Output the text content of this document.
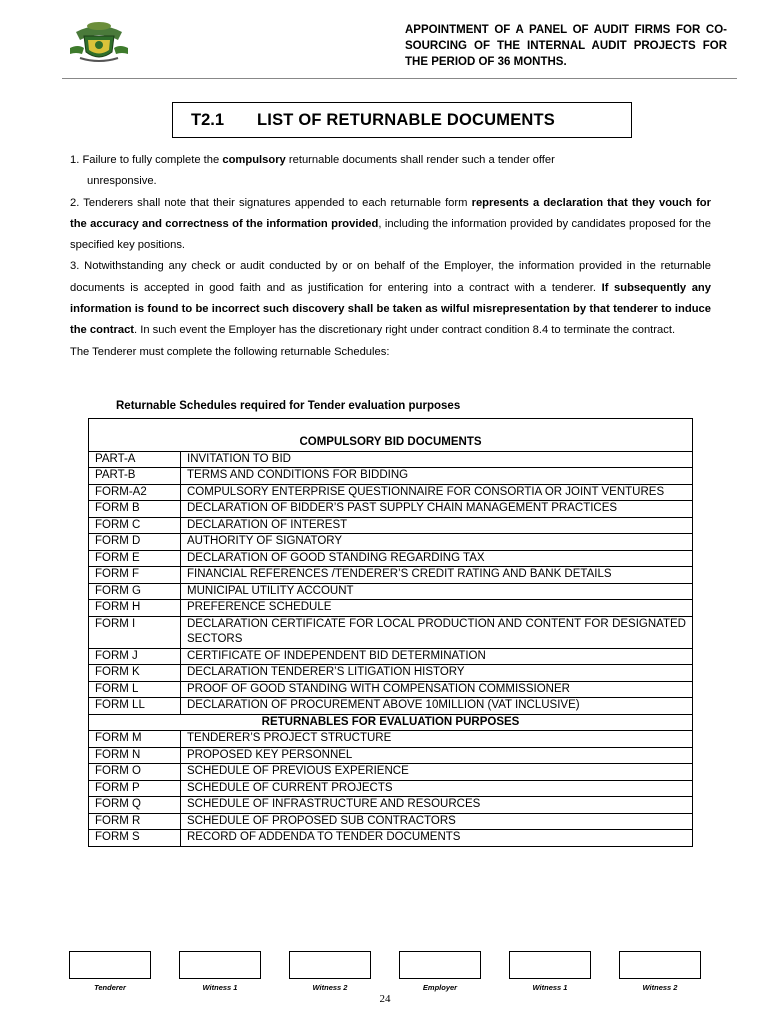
APPOINTMENT OF A PANEL OF AUDIT FIRMS FOR CO-SOURCING OF THE INTERNAL AUDIT PROJECTS FOR THE PERIOD OF 36 MONTHS.
T2.1 LIST OF RETURNABLE DOCUMENTS

1. Failure to fully complete the compulsory returnable documents shall render such a tender offer

unresponsive.

2. Tenderers shall note that their signatures appended to each returnable form represents a declaration that they vouch for the accuracy and correctness of the information provided, including the information provided by candidates proposed for the specified key positions.

3. Notwithstanding any check or audit conducted by or on behalf of the Employer, the information provided in the returnable documents is accepted in good faith and as justification for entering into a contract with a tenderer. If subsequently any information is found to be incorrect such discovery shall be taken as wilful misrepresentation by that tenderer to induce the contract. In such event the Employer has the discretionary right under contract condition 8.4 to terminate the contract.

The Tenderer must complete the following returnable Schedules:

Returnable Schedules required for Tender evaluation purposes

COMPULSORY BID DOCUMENTS	
PART-A	INVITATION TO BID
PART-B	TERMS AND CONDITIONS FOR BIDDING
FORM-A2	COMPULSORY ENTERPRISE QUESTIONNAIRE FOR CONSORTIA OR JOINT VENTURES
FORM B	DECLARATION OF BIDDER’S PAST SUPPLY CHAIN MANAGEMENT PRACTICES
FORM C	DECLARATION OF INTEREST
FORM D	AUTHORITY OF SIGNATORY
FORM E	DECLARATION OF GOOD STANDING REGARDING TAX
FORM F	FINANCIAL REFERENCES /TENDERER’S CREDIT RATING AND BANK DETAILS
FORM G	MUNICIPAL UTILITY ACCOUNT
FORM H	PREFERENCE SCHEDULE
FORM I	DECLARATION CERTIFICATE FOR LOCAL PRODUCTION AND CONTENT FOR DESIGNATED SECTORS
FORM J	CERTIFICATE OF INDEPENDENT BID DETERMINATION
FORM K	DECLARATION TENDERER’S LITIGATION HISTORY
FORM L	PROOF OF GOOD STANDING WITH COMPENSATION COMMISSIONER
FORM LL	DECLARATION OF PROCUREMENT ABOVE 10MILLION (VAT INCLUSIVE)
RETURNABLES FOR EVALUATION PURPOSES	
FORM M	TENDERER’S PROJECT STRUCTURE
FORM N	PROPOSED KEY PERSONNEL
FORM O	SCHEDULE OF PREVIOUS EXPERIENCE
FORM P	SCHEDULE OF CURRENT PROJECTS
FORM Q	SCHEDULE OF INFRASTRUCTURE AND RESOURCES
FORM R	SCHEDULE OF PROPOSED SUB CONTRACTORS
FORM S	RECORD OF ADDENDA TO TENDER DOCUMENTS
Tenderer	Witness 1	Witness 2	Employer	Witness 1	Witness 2
24
